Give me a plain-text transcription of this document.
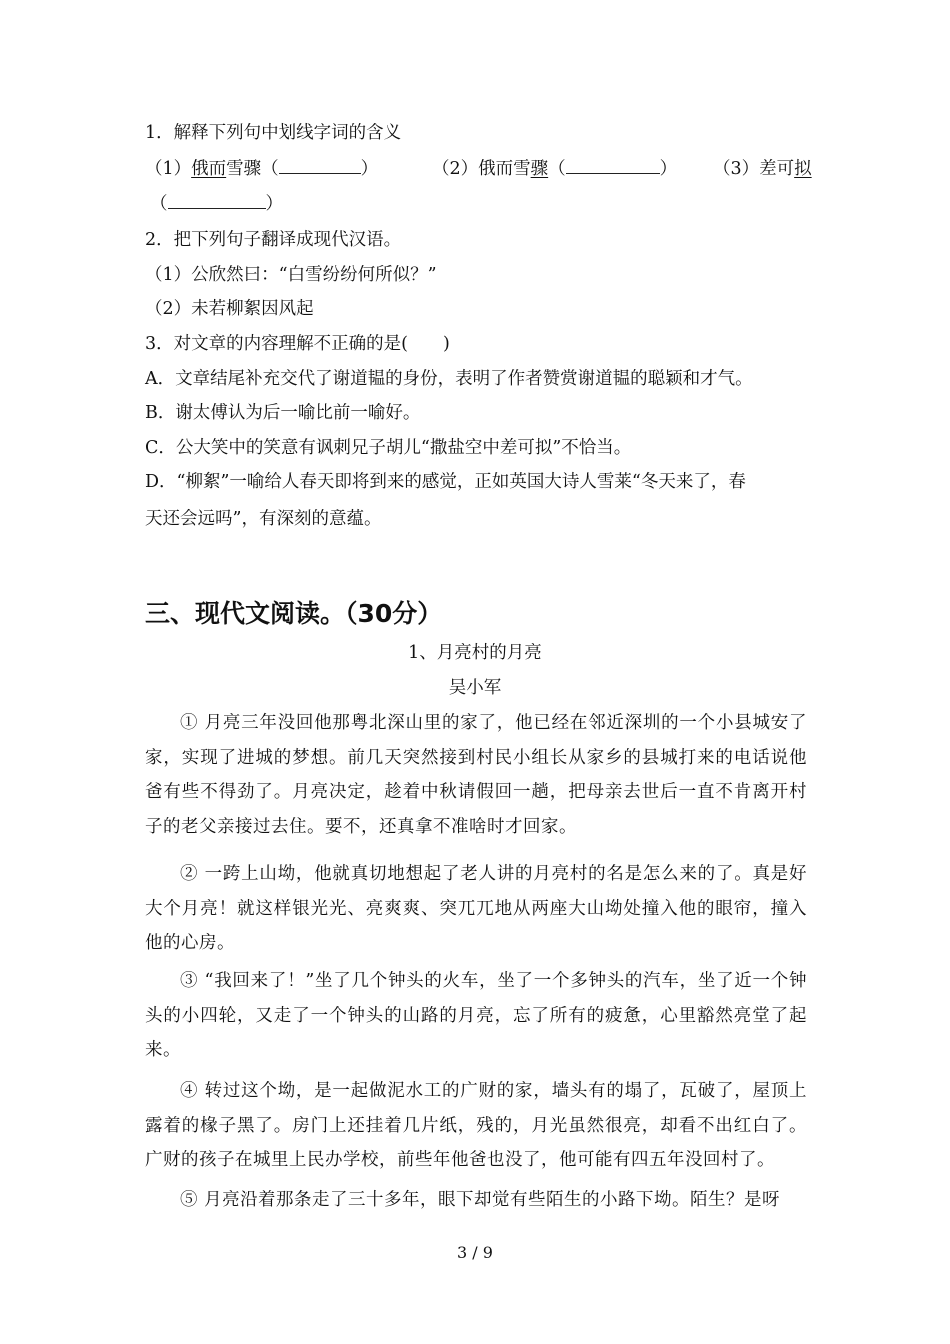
1．解释下列句中划线字词的含义
（1）俄而雪骤（	）	（2）俄而雪骤（	） （3）差可拟
（	）
2．把下列句子翻译成现代汉语。
（1）公欣然曰：“白雪纷纷何所似？”
（2）未若柳絮因风起
3．对文章的内容理解不正确的是(　　)
A．文章结尾补充交代了谢道韫的身份，表明了作者赞赏谢道韫的聪颖和才气。
B．谢太傅认为后一喻比前一喻好。
C．公大笑中的笑意有讽刺兄子胡儿“撒盐空中差可拟”不恰当。
D．“柳絮”一喻给人春天即将到来的感觉，正如英国大诗人雪莱“冬天来了，春
天还会远吗”，有深刻的意蕴。
三、现代文阅读。（30分）
1、月亮村的月亮
吴小军
① 月亮三年没回他那粤北深山里的家了，他已经在邻近深圳的一个小县城安了家，实现了进城的梦想。前几天突然接到村民小组长从家乡的县城打来的电话说他爸有些不得劲了。月亮决定，趁着中秋请假回一趟，把母亲去世后一直不肯离开村子的老父亲接过去住。要不，还真拿不准啥时才回家。
② 一跨上山坳，他就真切地想起了老人讲的月亮村的名是怎么来的了。真是好大个月亮！就这样银光光、亮爽爽、突兀兀地从两座大山坳处撞入他的眼帘，撞入他的心房。
③ “我回来了！”坐了几个钟头的火车，坐了一个多钟头的汽车，坐了近一个钟头的小四轮，又走了一个钟头的山路的月亮，忘了所有的疲惫，心里豁然亮堂了起来。
④ 转过这个坳，是一起做泥水工的广财的家，墙头有的塌了，瓦破了，屋顶上露着的椽子黑了。房门上还挂着几片纸，残的，月光虽然很亮，却看不出红白了。广财的孩子在城里上民办学校，前些年他爸也没了，他可能有四五年没回村了。
⑤ 月亮沿着那条走了三十多年，眼下却觉有些陌生的小路下坳。陌生？是呀
3 / 9
